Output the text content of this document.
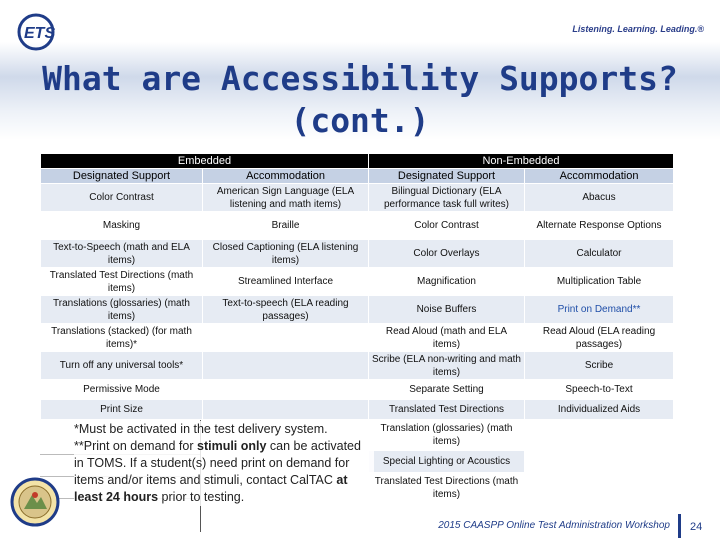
ETS	Listening. Learning. Leading.®
What are Accessibility Supports?
(cont.)
Embedded		Non-Embedded	
Designated Support	Accommodation	Designated Support	Accommodation
Color Contrast	American Sign Language (ELA listening and math items)	Bilingual Dictionary (ELA performance task full writes)	Abacus
Masking	Braille	Color Contrast	Alternate Response Options
Text-to-Speech (math and ELA items)	Closed Captioning (ELA listening items)	Color Overlays	Calculator
Translated Test Directions (math items)	Streamlined Interface	Magnification	Multiplication Table
Translations (glossaries) (math items)	Text-to-speech (ELA reading passages)	Noise Buffers	Print on Demand**
Translations (stacked) (for math items)*		Read Aloud (math and ELA items)	Read Aloud (ELA reading passages)
Turn off any universal tools*		Scribe (ELA non-writing and math items)	Scribe
Permissive Mode		Separate Setting	Speech-to-Text
Print Size		Translated Test Directions	Individualized Aids
		Translation (glossaries) (math items)	
		Special Lighting or Acoustics	
		Translated Test Directions (math items)	
*Must be activated in the test delivery system.
**Print on demand for stimuli only can be activated in TOMS. If a student(s) need print on demand for items and/or items and stimuli, contact CalTAC at least 24 hours prior to testing.
2015 CAASPP Online Test Administration Workshop 24
